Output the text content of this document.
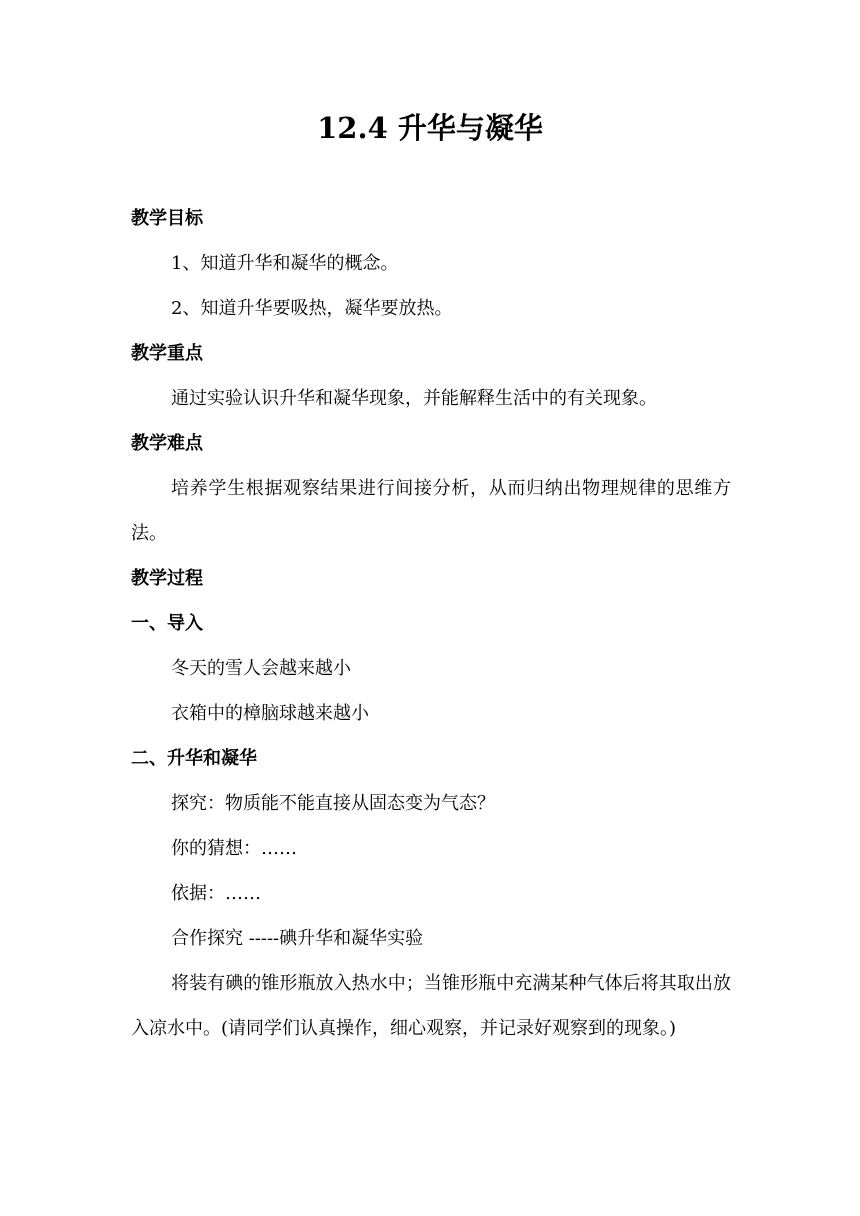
12.4 升华与凝华
教学目标
1、知道升华和凝华的概念。
2、知道升华要吸热，凝华要放热。
教学重点
通过实验认识升华和凝华现象，并能解释生活中的有关现象。
教学难点
培养学生根据观察结果进行间接分析，从而归纳出物理规律的思维方法。
教学过程
一、导入
冬天的雪人会越来越小
衣箱中的樟脑球越来越小
二、升华和凝华
探究：物质能不能直接从固态变为气态？
你的猜想：……
依据：……
合作探究 -----碘升华和凝华实验
将装有碘的锥形瓶放入热水中；当锥形瓶中充满某种气体后将其取出放入凉水中。(请同学们认真操作，细心观察，并记录好观察到的现象。)
